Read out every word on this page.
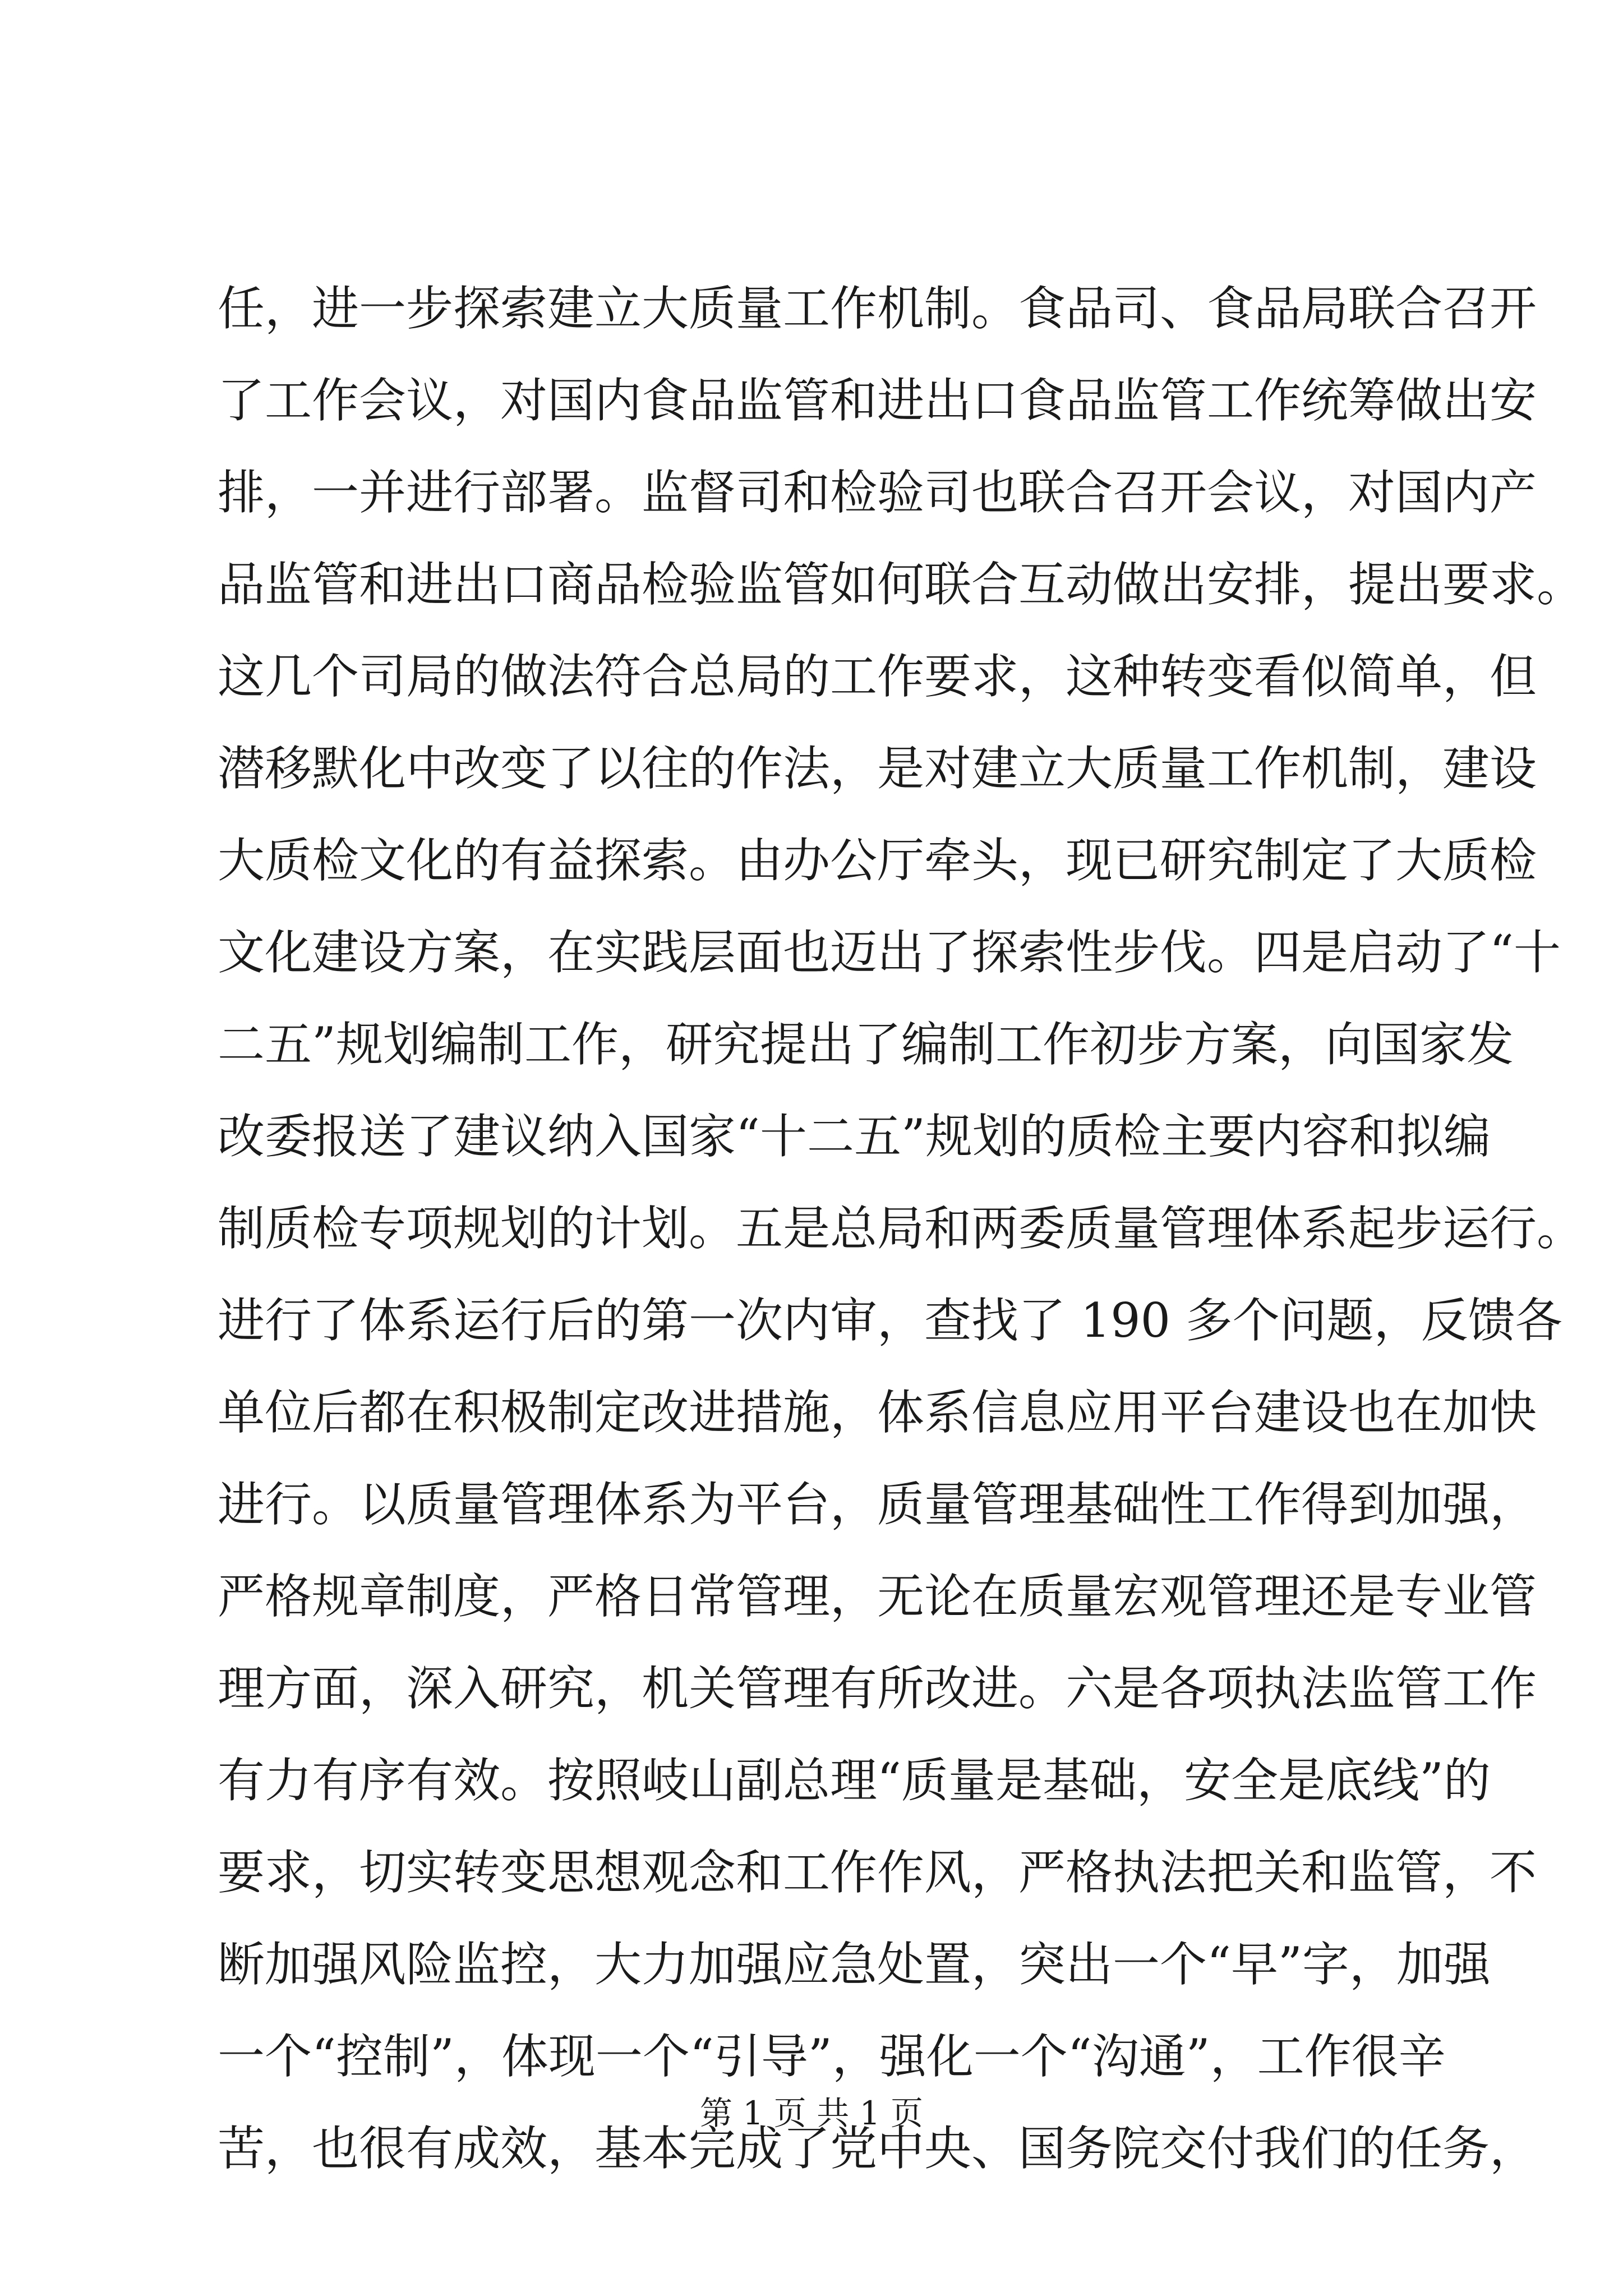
任，进一步探索建立大质量工作机制。食品司、食品局联合召开
了工作会议，对国内食品监管和进出口食品监管工作统筹做出安
排，一并进行部署。监督司和检验司也联合召开会议，对国内产
品监管和进出口商品检验监管如何联合互动做出安排，提出要求。
这几个司局的做法符合总局的工作要求，这种转变看似简单，但
潜移默化中改变了以往的作法，是对建立大质量工作机制，建设
大质检文化的有益探索。由办公厅牵头，现已研究制定了大质检
文化建设方案，在实践层面也迈出了探索性步伐。四是启动了“十
二五”规划编制工作，研究提出了编制工作初步方案，向国家发
改委报送了建议纳入国家“十二五”规划的质检主要内容和拟编
制质检专项规划的计划。五是总局和两委质量管理体系起步运行。
进行了体系运行后的第一次内审，查找了 190 多个问题，反馈各
单位后都在积极制定改进措施，体系信息应用平台建设也在加快
进行。以质量管理体系为平台，质量管理基础性工作得到加强，
严格规章制度，严格日常管理，无论在质量宏观管理还是专业管
理方面，深入研究，机关管理有所改进。六是各项执法监管工作
有力有序有效。按照岐山副总理“质量是基础，安全是底线”的
要求，切实转变思想观念和工作作风，严格执法把关和监管，不
断加强风险监控，大力加强应急处置，突出一个“早”字，加强
一个“控制”，体现一个“引导”，强化一个“沟通”，工作很辛
苦，也很有成效，基本完成了党中央、国务院交付我们的任务，
第 1 页 共 1 页
